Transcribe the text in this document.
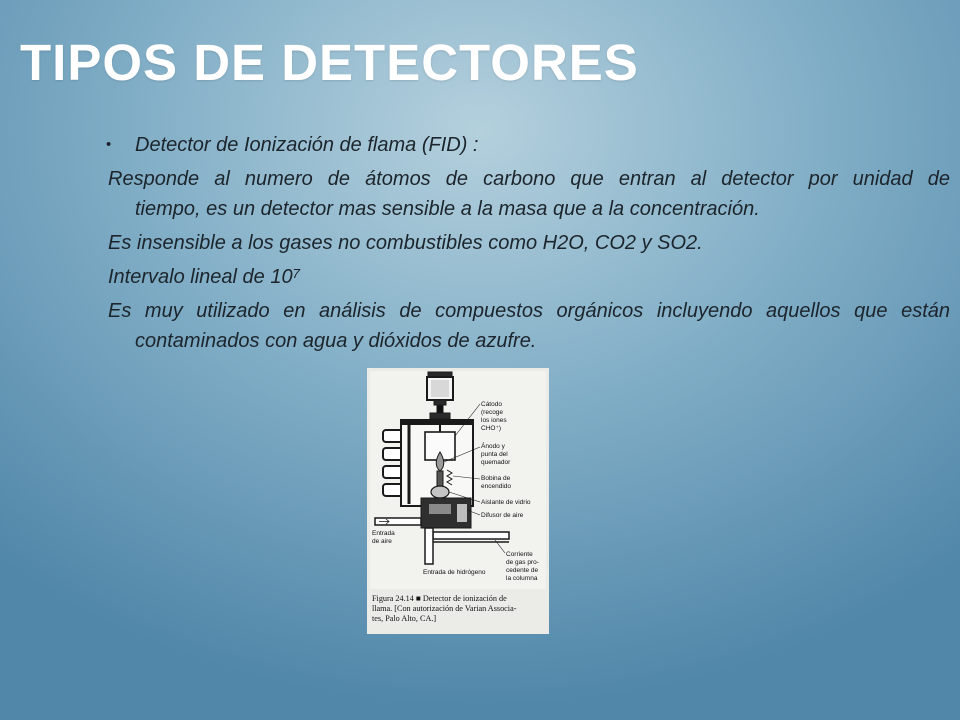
TIPOS DE DETECTORES
• Detector de Ionización de flama (FID) :
Responde al numero de átomos de carbono que entran al detector por unidad de
tiempo, es un detector mas sensible a la masa que a la concentración.
Es insensible a los gases no combustibles como H2O, CO2 y SO2.
Intervalo lineal de 10⁷
Es muy utilizado en análisis de compuestos orgánicos incluyendo aquellos que están
contaminados con agua y dióxidos de azufre.
Cátodo
(recoge
los iones
CHO⁺)
Ánodo y
punta del
quemador
Bobina de
encendido
Aislante de vidrio
Difusor de aire
Entrada
de aire
Corriente
de gas pro-
cedente de
la columna
Entrada de hidrógeno
Figura 24.14 ■ Detector de ionización de
llama. [Con autorización de Varian Associa-
tes, Palo Alto, CA.]
